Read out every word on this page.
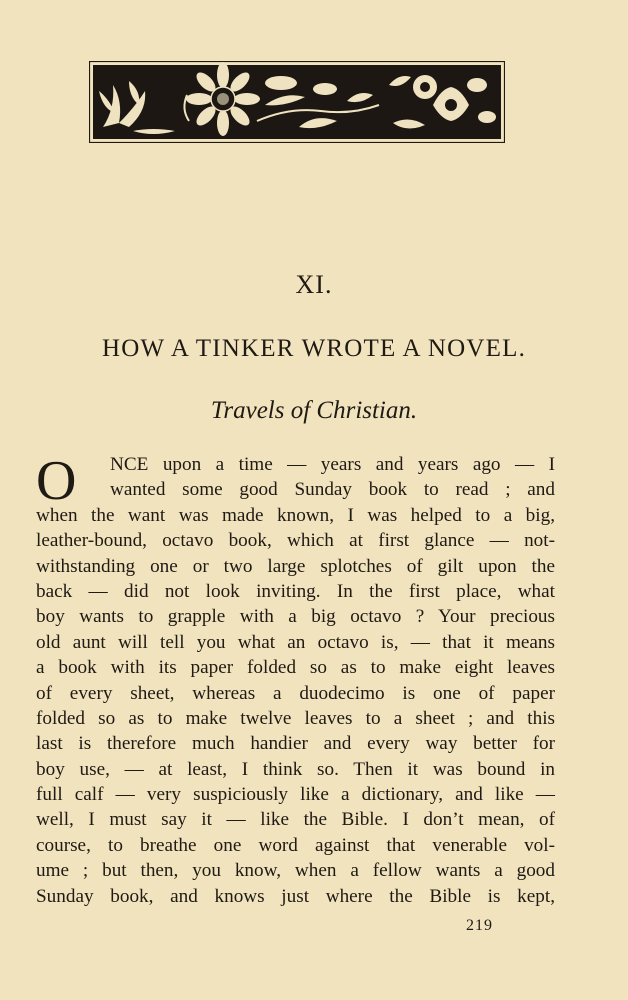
XI.
HOW A TINKER WROTE A NOVEL.
Travels of Christian.
O	NCE upon a time — years and years ago — I
wanted some good Sunday book to read ; and
when the want was made known, I was helped to a big,
leather-bound, octavo book, which at first glance — not-
withstanding one or two large splotches of gilt upon the
back — did not look inviting. In the first place, what
boy wants to grapple with a big octavo ? Your precious
old aunt will tell you what an octavo is, — that it means
a book with its paper folded so as to make eight leaves
of every sheet, whereas a duodecimo is one of paper
folded so as to make twelve leaves to a sheet ; and this
last is therefore much handier and every way better for
boy use, — at least, I think so. Then it was bound in
full calf — very suspiciously like a dictionary, and like —
well, I must say it — like the Bible. I don’t mean, of
course, to breathe one word against that venerable vol-
ume ; but then, you know, when a fellow wants a good
Sunday book, and knows just where the Bible is kept,
219
